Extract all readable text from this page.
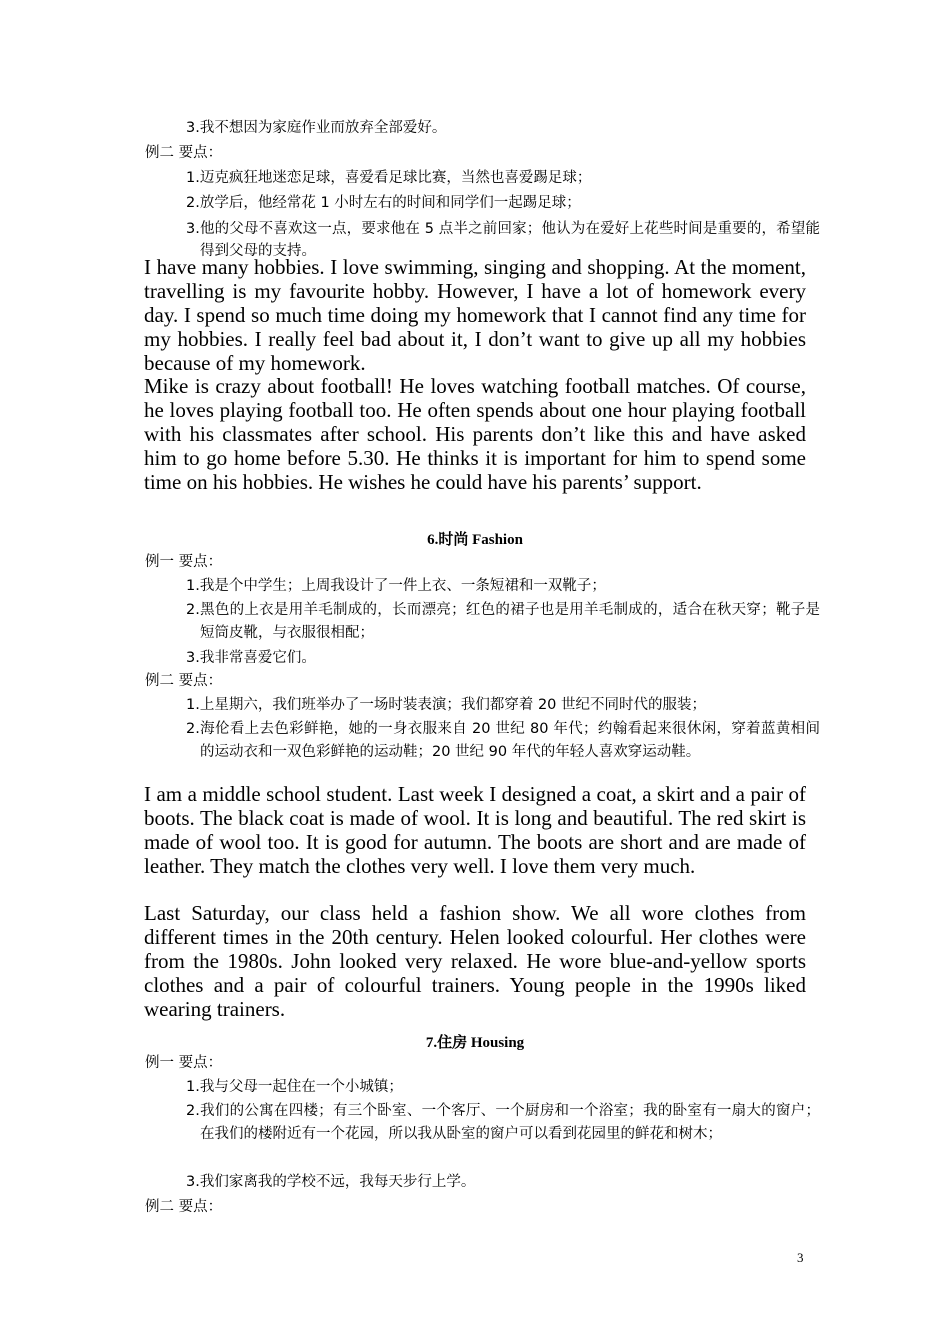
3.我不想因为家庭作业而放弃全部爱好。
例二 要点：
1.迈克疯狂地迷恋足球，喜爱看足球比赛，当然也喜爱踢足球；
2.放学后，他经常花 1 小时左右的时间和同学们一起踢足球；
3.他的父母不喜欢这一点，要求他在 5 点半之前回家；他认为在爱好上花些时间是重要的，希望能得到父母的支持。
I have many hobbies. I love swimming, singing and shopping. At the moment, travelling is my favourite hobby. However, I have a lot of homework every day. I spend so much time doing my homework that I cannot find any time for my hobbies. I really feel bad about it, I don’t want to give up all my hobbies because of my homework.
Mike is crazy about football! He loves watching football matches. Of course, he loves playing football too. He often spends about one hour playing football with his classmates after school. His parents don’t like this and have asked him to go home before 5.30. He thinks it is important for him to spend some time on his hobbies. He wishes he could have his parents’ support.
6.时尚 Fashion
例一 要点：
1.我是个中学生；上周我设计了一件上衣、一条短裙和一双靴子；
2.黑色的上衣是用羊毛制成的，长而漂亮；红色的裙子也是用羊毛制成的，适合在秋天穿；靴子是短筒皮靴，与衣服很相配；
3.我非常喜爱它们。
例二 要点：
1.上星期六，我们班举办了一场时装表演；我们都穿着 20 世纪不同时代的服装；
2.海伦看上去色彩鲜艳，她的一身衣服来自 20 世纪 80 年代；约翰看起来很休闲，穿着蓝黄相间的运动衣和一双色彩鲜艳的运动鞋；20 世纪 90 年代的年轻人喜欢穿运动鞋。
I am a middle school student. Last week I designed a coat, a skirt and a pair of boots. The black coat is made of wool. It is long and beautiful. The red skirt is made of wool too. It is good for autumn. The boots are short and are made of leather. They match the clothes very well. I love them very much.
Last Saturday, our class held a fashion show. We all wore clothes from different times in the 20th century. Helen looked colourful. Her clothes were from the 1980s. John looked very relaxed. He wore blue-and-yellow sports clothes and a pair of colourful trainers. Young people in the 1990s liked wearing trainers.
7.住房 Housing
例一 要点：
1.我与父母一起住在一个小城镇；
2.我们的公寓在四楼；有三个卧室、一个客厅、一个厨房和一个浴室；我的卧室有一扇大的窗户；在我们的楼附近有一个花园，所以我从卧室的窗户可以看到花园里的鲜花和树木；
3.我们家离我的学校不远，我每天步行上学。
例二 要点：
3
